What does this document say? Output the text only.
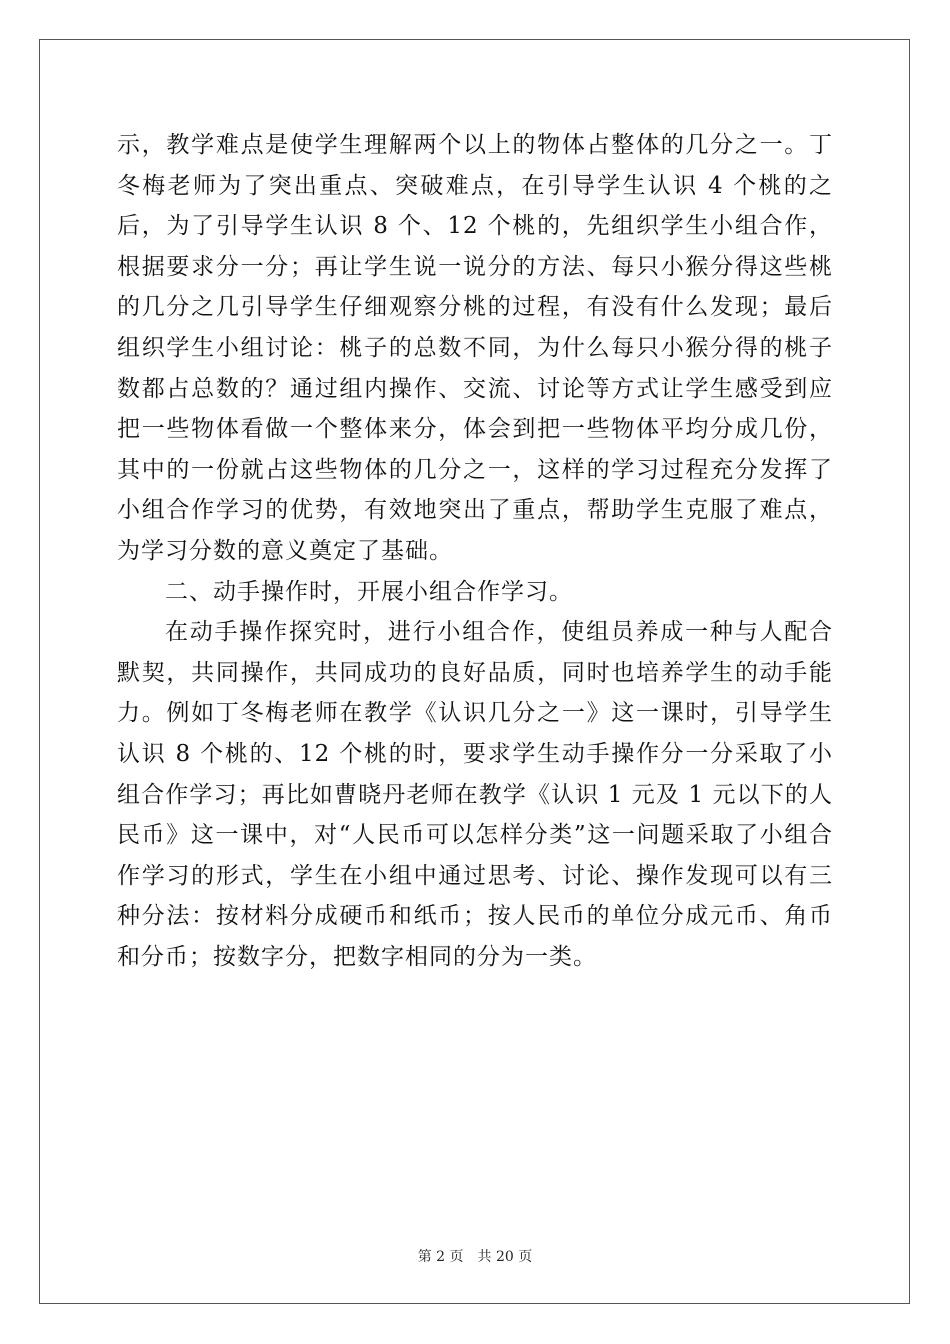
示，教学难点是使学生理解两个以上的物体占整体的几分之一。丁冬梅老师为了突出重点、突破难点，在引导学生认识 4 个桃的之后，为了引导学生认识 8 个、12 个桃的，先组织学生小组合作，根据要求分一分；再让学生说一说分的方法、每只小猴分得这些桃的几分之几引导学生仔细观察分桃的过程，有没有什么发现；最后组织学生小组讨论：桃子的总数不同，为什么每只小猴分得的桃子数都占总数的？通过组内操作、交流、讨论等方式让学生感受到应把一些物体看做一个整体来分，体会到把一些物体平均分成几份，其中的一份就占这些物体的几分之一，这样的学习过程充分发挥了小组合作学习的优势，有效地突出了重点，帮助学生克服了难点，为学习分数的意义奠定了基础。

二、动手操作时，开展小组合作学习。

在动手操作探究时，进行小组合作，使组员养成一种与人配合默契，共同操作，共同成功的良好品质，同时也培养学生的动手能力。例如丁冬梅老师在教学《认识几分之一》这一课时，引导学生认识 8 个桃的、12 个桃的时，要求学生动手操作分一分采取了小组合作学习；再比如曹晓丹老师在教学《认识 1 元及 1 元以下的人民币》这一课中，对“人民币可以怎样分类”这一问题采取了小组合作学习的形式，学生在小组中通过思考、讨论、操作发现可以有三种分法：按材料分成硬币和纸币；按人民币的单位分成元币、角币和分币；按数字分，把数字相同的分为一类。

第 2 页 共 20 页
